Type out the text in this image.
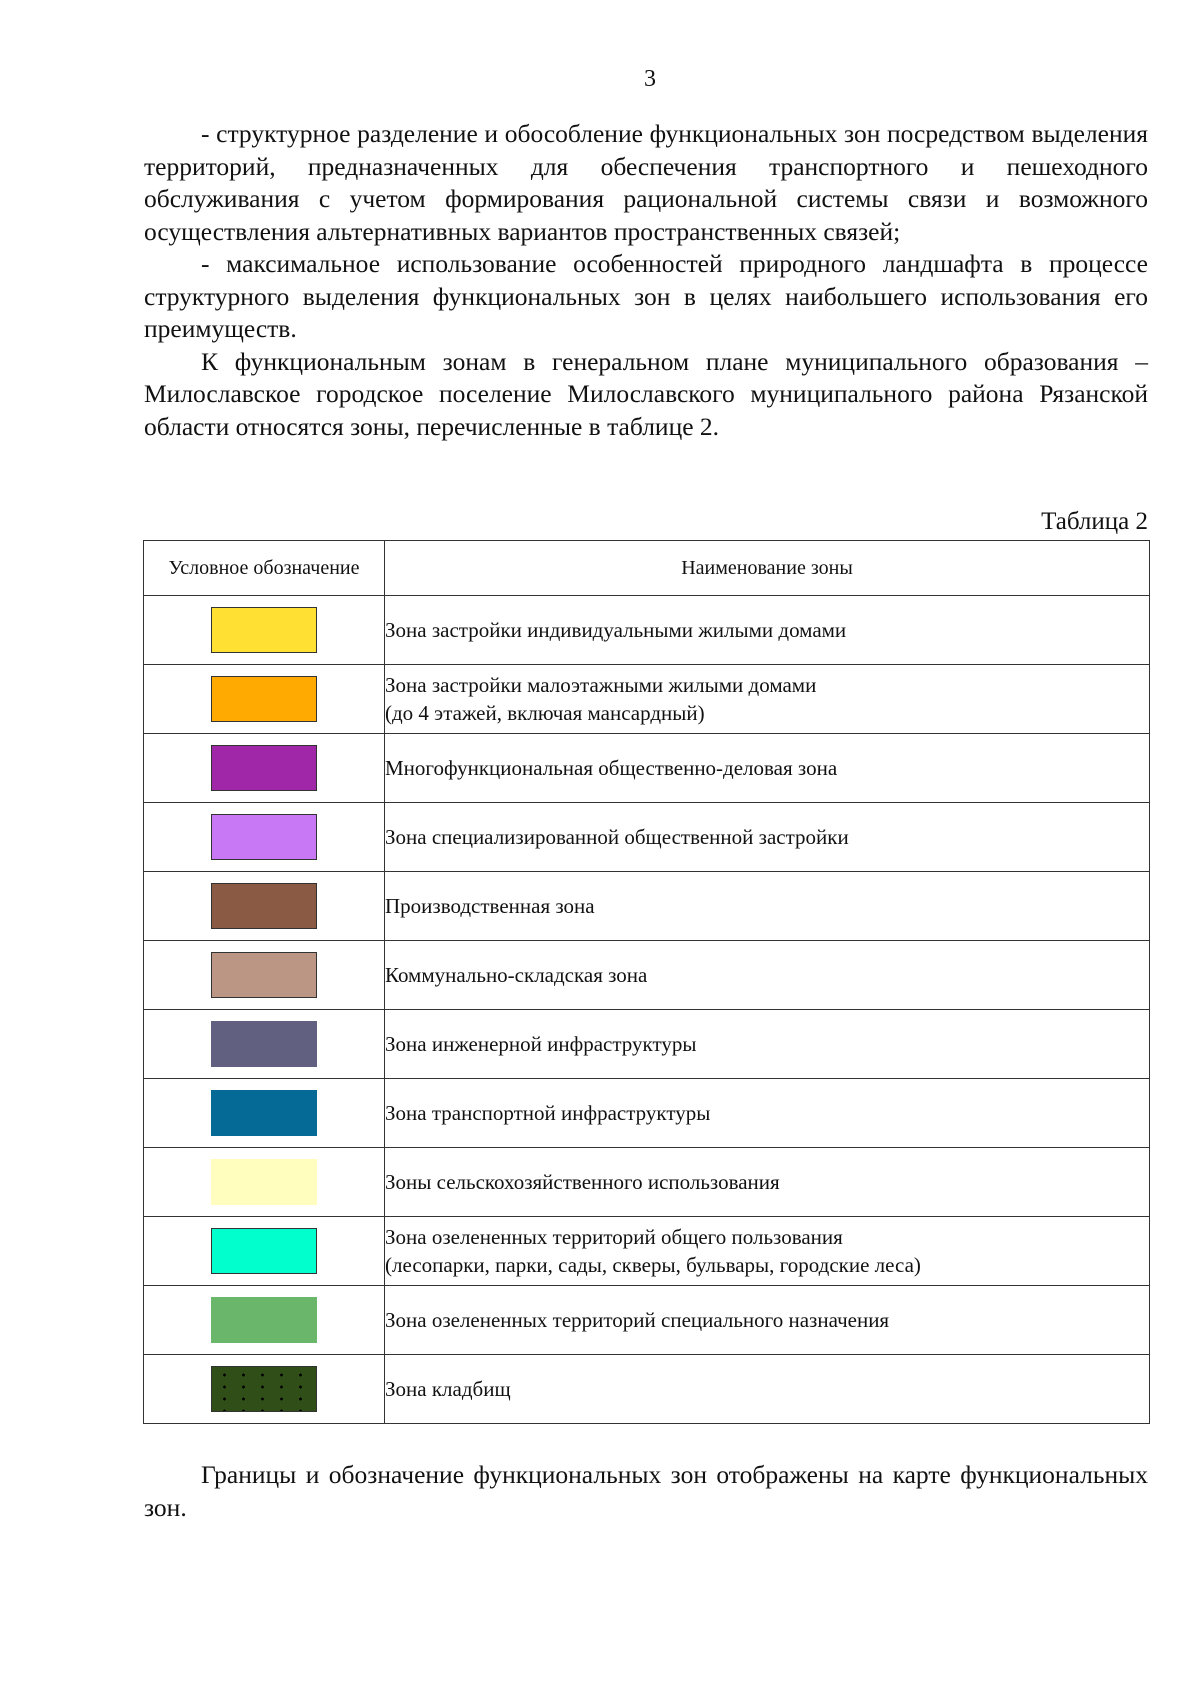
3

- структурное разделение и обособление функциональных зон посредством выделения территорий, предназначенных для обеспечения транспортного и пешеходного обслуживания с учетом формирования рациональной системы связи и возможного осуществления альтернативных вариантов пространственных связей;

- максимальное использование особенностей природного ландшафта в процессе структурного выделения функциональных зон в целях наибольшего использования его преимуществ.

К функциональным зонам в генеральном плане муниципального образования – Милославское городское поселение Милославского муниципального района Рязанской области относятся зоны, перечисленные в таблице 2.

Таблица 2
Условное обозначение	Наименование зоны

	Зона застройки индивидуальными жилыми домами

	Зона застройки малоэтажными жилыми домами
(до 4 этажей, включая мансардный)

	Многофункциональная общественно-деловая зона

	Зона специализированной общественной застройки

	Производственная зона

	Коммунально-складская зона

	Зона инженерной инфраструктуры

	Зона транспортной инфраструктуры

	Зоны сельскохозяйственного использования

	Зона озелененных территорий общего пользования
(лесопарки, парки, сады, скверы, бульвары, городские леса)

	Зона озелененных территорий специального назначения

	Зона кладбищ

Границы и обозначение функциональных зон отображены на карте функциональных зон.
